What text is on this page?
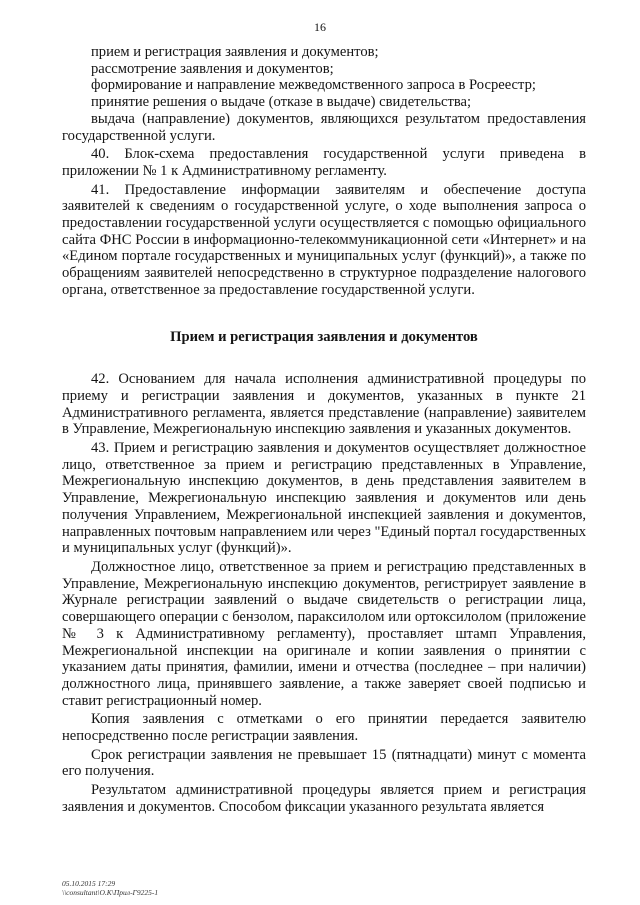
16

прием и регистрация заявления и документов;

рассмотрение заявления и документов;

формирование и направление межведомственного запроса в Росреестр;

принятие решения о выдаче (отказе в выдаче) свидетельства;

выдача (направление) документов, являющихся результатом предоставления государственной услуги.

40. Блок-схема предоставления государственной услуги приведена в приложении № 1 к Административному регламенту.

41. Предоставление информации заявителям и обеспечение доступа заявителей к сведениям о государственной услуге, о ходе выполнения запроса о предоставлении государственной услуги осуществляется с помощью официального сайта ФНС России в информационно-телекоммуникационной сети «Интернет» и на «Едином портале государственных и муниципальных услуг (функций)», а также по обращениям заявителей непосредственно в структурное подразделение налогового органа, ответственное за предоставление государственной услуги.

Прием и регистрация заявления и документов

42. Основанием для начала исполнения административной процедуры по приему и регистрации заявления и документов, указанных в пункте 21 Административного регламента, является представление (направление) заявителем в Управление, Межрегиональную инспекцию заявления и указанных документов.

43. Прием и регистрацию заявления и документов осуществляет должностное лицо, ответственное за прием и регистрацию представленных в Управление, Межрегиональную инспекцию документов, в день представления заявителем в Управление, Межрегиональную инспекцию заявления и документов или день получения Управлением, Межрегиональной инспекцией заявления и документов, направленных почтовым направлением или через "Единый портал государственных и муниципальных услуг (функций)».

Должностное лицо, ответственное за прием и регистрацию представленных в Управление, Межрегиональную инспекцию документов, регистрирует заявление в Журнале регистрации заявлений о выдаче свидетельств о регистрации лица, совершающего операции с бензолом, параксилолом или ортоксилолом (приложение № 3 к Административному регламенту), проставляет штамп Управления, Межрегиональной инспекции на оригинале и копии заявления о принятии с указанием даты принятия, фамилии, имени и отчества (последнее – при наличии) должностного лица, принявшего заявление, а также заверяет своей подписью и ставит регистрационный номер.

Копия заявления с отметками о его принятии передается заявителю непосредственно после регистрации заявления.

Срок регистрации заявления не превышает 15 (пятнадцати) минут с момента его получения.

Результатом административной процедуры является прием и регистрация заявления и документов. Способом фиксации указанного результата является

05.10.2015 17:29
\\consultant\O.K\Прил-Г9225-1
